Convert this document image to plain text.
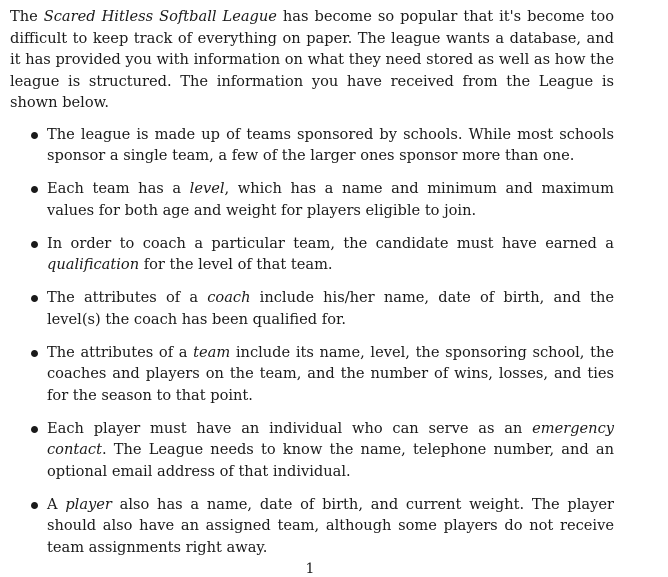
The Scared Hitless Softball League has become so popular that it's become too difficult to keep track of everything on paper. The league wants a database, and it has provided you with information on what they need stored as well as how the league is structured. The information you have received from the League is shown below.

The league is made up of teams sponsored by schools. While most schools sponsor a single team, a few of the larger ones sponsor more than one.
Each team has a level, which has a name and minimum and maximum values for both age and weight for players eligible to join.
In order to coach a particular team, the candidate must have earned a qualification for the level of that team.
The attributes of a coach include his/her name, date of birth, and the level(s) the coach has been qualified for.
The attributes of a team include its name, level, the sponsoring school, the coaches and players on the team, and the number of wins, losses, and ties for the season to that point.
Each player must have an individual who can serve as an emergency contact. The League needs to know the name, telephone number, and an optional email address of that individual.
A player also has a name, date of birth, and current weight. The player should also have an assigned team, although some players do not receive team assignments right away.
1
